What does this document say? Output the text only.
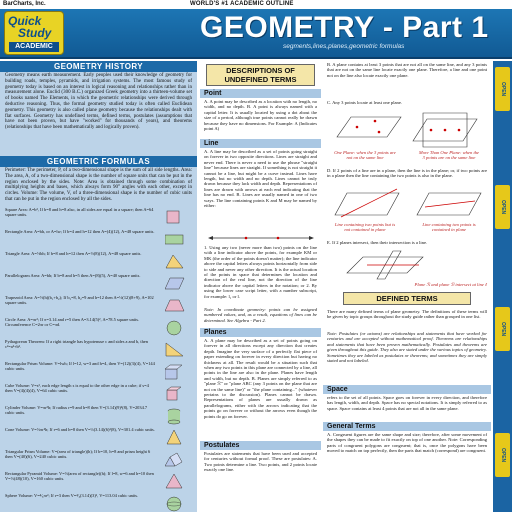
BarCharts, Inc.	WORLD'S #1 ACADEMIC OUTLINE
Quick
Study
ACADEMIC
GEOMETRY - Part 1
segments,lines,planes,geometric formulas
GEOMETRY HISTORY
Geometry means earth measurement. Early peoples used their knowledge of geometry for building roads, temples, pyramids, and irrigation systems. The most famous study of geometry today is based on an interest in logical reasoning and relationships rather than in measurement alone. Euclid (300 B.C.) organized Greek geometry into a thirteen-volume set of books named The Elements, in which the geometric relationships were derived through deductive reasoning. Thus, the formal geometry studied today is often called Euclidean geometry. This geometry is also called plane geometry because the relationships dealt with flat surfaces. Geometry has undefined terms, defined terms, postulates (assumptions that have not been proven, but have "worked" for thousands of years), and theorems (relationships that have been mathematically and logically proven).
GEOMETRIC FORMULAS
Perimeter: The perimeter, P, of a two-dimensional shape is the sum of all side lengths. Area: The area, A, of a two-dimensional shape is the number of square units that can be put in the region enclosed by the sides. Note: Area is obtained through some combination of multiplying heights and bases, which always form 90° angles with each other, except in circles. Volume: The volume, V, of a three-dimensional shape is the number of cubic units that can be put in the region enclosed by all the sides.
Square Area: A=b², If b=8 and h=8 also, in all sides are equal in a square; then A=64 square units.
Rectangle Area: A=bh, or A=lw; If b=4 and h=12 then A=(4)(12), A=48 square units.
Triangle Area: A=½bh; If b=8 and h=12 then A=½(8)(12), A=48 square units.
Parallelogram Area: A=bh; If b=8 and h=5 then A=(8)(5), A=40 square units.
Trapezoid Area: A=½(h)(b₁+b₂); If b₁=8, b₂=9 and h=12 then A=½(12)(8+9), A=102 square units.
Circle Area: A=πr²; If π=3.14 and r=5 then A=3.14(5)², A=78.5 square units. Circumference C=2πr or C=πd.
Pythagorean Theorem: If a right triangle has hypotenuse c and sides a and b, then c²=a²+b².
Rectangular Prism Volume: V=lwh; If l=12, w=3 and h=4, then V=(12)(3)(4), V=144 cubic units.
Cube Volume: V=s³, each edge length s is equal to the other edge in a cube; if s=4 then V=(4)(4)(4), V=64 cubic units.
Cylinder Volume: V=πr²h; If radius r=9 and h=8 then V=(3.14)(9)²(8), V=2034.7 cubic units.
Cone Volume: V=⅓πr²h; If r=6 and h=8 then V=⅓(3.14)(6)²(8), V=301.4 cubic units.
Triangular Prism Volume: V=(area of triangle)(h); If b=10, h=8 and prism height 6 then V=(40)(6), V=240 cubic units.
Rectangular Pyramid Volume: V=⅓(area of rectangle)(h); If l=8, w=6 and h=10 then V=⅓(48)(10), V=160 cubic units.
Sphere Volume: V=⁴⁄₃πr³; If r=3 then V=⁴⁄₃(3.14)(3)³, V=113.04 cubic units.
DESCRIPTIONS OF UNDEFINED TERMS
Point
A. A point may be described as a location with no length, no width, and no depth. B. A point is always named with a capital letter. It is usually located by using a dot about the size of a period, although true points cannot really be drawn because they have no dimensions. For Example: A (Indicates point A)
Line
A. A line may be described as a set of points going straight on forever in two opposite directions. Lines are straight and never end. There is never a need to use the phrase "straight line" because lines are straight. If something is not straight it cannot be a line, but might be a curve instead. Lines have length, but no width and no depth. Lines cannot be truly drawn because they lack width and depth. Representations of lines are drawn with arrows at each end indicating that the line has no end. B. Lines are usually named in one of two ways. The line containing points K and M may be named by either:
1. Using any two (never more than two) points on the line with a line indicator above the points, for example KM or MK (the order of the points doesn't matter); the line indicator above the capital letters always points horizontally from side to side and never any other direction. It is the actual location of the points in space that determines the location and direction of the real line, not the direction of the line indicator above the capital letters in the notation; or 2. By using the lower case script letter, with a number subscript, for example: l₁ or l.
Note: In coordinate geometry: points can be assigned numbered values, and, as a result, equations of lines can be determined. See Algebra - Part 2.
Planes
A. A plane may be described as a set of points going on forever in all directions except any direction that creates depth. Imagine the very surface of a perfectly flat piece of paper extending on forever in every direction but having no thickness at all. The result would be a situation such that when any two points in this plane are connected by a line, all points in the line are also in the plane. Planes have length and width, but no depth. B. Planes are simply referred to as "plane ℛ" or "plane ABC (any 3 points on the plane that are not on the same line)" or "the plane containing..." (whatever pertains to the discussion). Planes cannot be drawn. Representations of planes are usually drawn as parallelograms, either with the arrows indicating that the points go on forever or without the arrows even though the points do go on forever.
Postulates
Postulates are statements that have been used and accepted for centuries without formal proof. These are postulates: A. Two points determine a line. Two points, and 2 points locate exactly one line.
B. A plane contains at least 3 points that are not all on the same line, and any 3 points that are not on the same line locate exactly one plane. Therefore, a line and one point not on the line also locate exactly one plane.
C. Any 3 points locate at least one plane.
One Plane: when the 3 points are not on the same line
More Than One Plane: when the 3 points are on the same line
D. If 2 points of a line are in a plane, then the line is in the plane; or, if two points are in a plane then the line containing the two points is also in the plane.
Line containing two points but is not contained in plane
Line containing two points is contained in plane
E. If 2 planes intersect, then their intersection is a line.
Plane ℛ and plane ℬ intersect at line ℓ
DEFINED TERMS
There are many defined terms of plane geometry. The definitions of these terms will be given by topic groups throughout the study guide rather than grouped in one list.
Note: Postulates (or axioms) are relationships and statements that have worked for centuries and are accepted without mathematical proof. Theorems are relationships and statements that have been proven mathematically. Postulates and theorems are given throughout this guide. They also are stated under the various topics of geometry. Sometimes they are labeled as postulates or theorems; and sometimes they are simply stated and not labeled.
Space
refers to the set of all points. Space goes on forever in every direction, and therefore has length, width, and depth. Space has no special notations. It is simply referred to as space. Space contains at least 4 points that are not all in the same plane.
General Terms
A. Congruent figures are the same shape and size; therefore, after some movement of the shapes they can be made to fit exactly on top of one another. Note: Corresponding parts of congruent polygons are congruent; that is, once the polygons have been moved to match on top perfectly, then the parts that match (correspond) are congruent.
OPEN
OPEN
OPEN
OPEN
